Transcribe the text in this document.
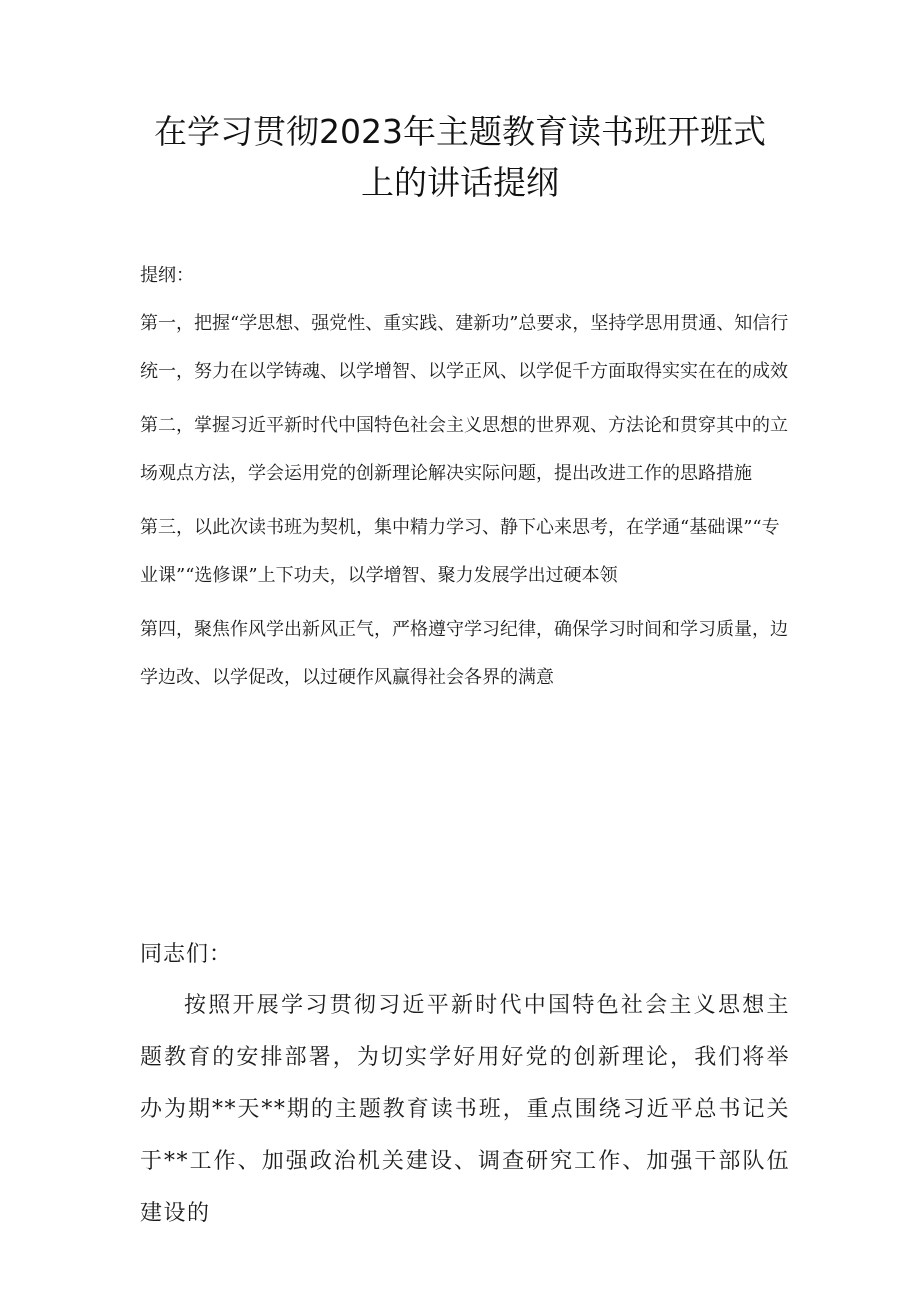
在学习贯彻2023年主题教育读书班开班式
上的讲话提纲

提纲：

第一，把握“学思想、强党性、重实践、建新功”总要求，坚持学思用贯通、知信行统一，努力在以学铸魂、以学增智、以学正风、以学促千方面取得实实在在的成效

第二，掌握习近平新时代中国特色社会主义思想的世界观、方法论和贯穿其中的立场观点方法，学会运用党的创新理论解决实际问题，提出改进工作的思路措施

第三，以此次读书班为契机，集中精力学习、静下心来思考，在学通“基础课”“专业课”“选修课”上下功夫，以学增智、聚力发展学出过硬本领

第四，聚焦作风学出新风正气，严格遵守学习纪律，确保学习时间和学习质量，边学边改、以学促改，以过硬作风赢得社会各界的满意

同志们：

按照开展学习贯彻习近平新时代中国特色社会主义思想主题教育的安排部署，为切实学好用好党的创新理论，我们将举办为期**天**期的主题教育读书班，重点围绕习近平总书记关于**工作、加强政治机关建设、调查研究工作、加强干部队伍建设的
